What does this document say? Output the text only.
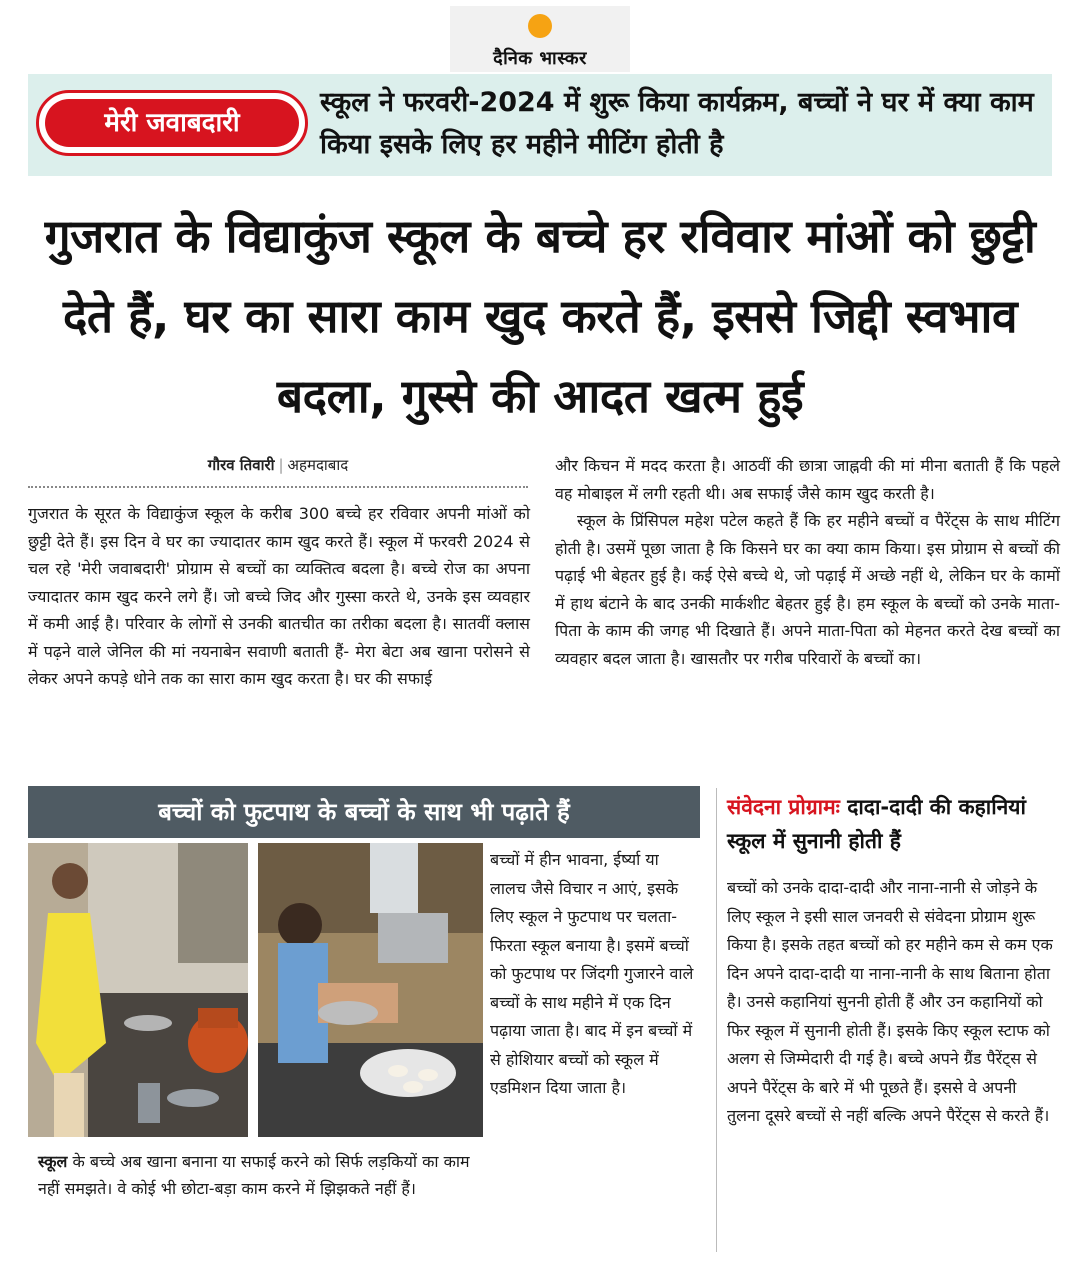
दैनिक भास्कर
मेरी जवाबदारी
स्कूल ने फरवरी-2024 में शुरू किया कार्यक्रम, बच्चों ने घर में क्या काम किया इसके लिए हर महीने मीटिंग होती है
गुजरात के विद्याकुंज स्कूल के बच्चे हर रविवार मांओं को छुट्टी देते हैं, घर का सारा काम खुद करते हैं, इससे जिद्दी स्वभाव बदला, गुस्से की आदत खत्म हुई
गौरव तिवारी | अहमदाबाद

गुजरात के सूरत के विद्याकुंज स्कूल के करीब 300 बच्चे हर रविवार अपनी मांओं को छुट्टी देते हैं। इस दिन वे घर का ज्यादातर काम खुद करते हैं। स्कूल में फरवरी 2024 से चल रहे 'मेरी जवाबदारी' प्रोग्राम से बच्चों का व्यक्तित्व बदला है। बच्चे रोज का अपना ज्यादातर काम खुद करने लगे हैं। जो बच्चे जिद और गुस्सा करते थे, उनके इस व्यवहार में कमी आई है। परिवार के लोगों से उनकी बातचीत का तरीका बदला है। सातवीं क्लास में पढ़ने वाले जेनिल की मां नयनाबेन सवाणी बताती हैं- मेरा बेटा अब खाना परोसने से लेकर अपने कपड़े धोने तक का सारा काम खुद करता है। घर की सफाई

और किचन में मदद करता है। आठवीं की छात्रा जाह्नवी की मां मीना बताती हैं कि पहले वह मोबाइल में लगी रहती थी। अब सफाई जैसे काम खुद करती है।

स्कूल के प्रिंसिपल महेश पटेल कहते हैं कि हर महीने बच्चों व पैरेंट्स के साथ मीटिंग होती है। उसमें पूछा जाता है कि किसने घर का क्या काम किया। इस प्रोग्राम से बच्चों की पढ़ाई भी बेहतर हुई है। कई ऐसे बच्चे थे, जो पढ़ाई में अच्छे नहीं थे, लेकिन घर के कामों में हाथ बंटाने के बाद उनकी मार्कशीट बेहतर हुई है। हम स्कूल के बच्चों को उनके माता-पिता के काम की जगह भी दिखाते हैं। अपने माता-पिता को मेहनत करते देख बच्चों का व्यवहार बदल जाता है। खासतौर पर गरीब परिवारों के बच्चों का।

बच्चों को फुटपाथ के बच्चों के साथ भी पढ़ाते हैं
स्कूल के बच्चे अब खाना बनाना या सफाई करने को सिर्फ लड़कियों का काम नहीं समझते। वे कोई भी छोटा-बड़ा काम करने में झिझकते नहीं हैं।
बच्चों में हीन भावना, ईर्ष्या या लालच जैसे विचार न आएं, इसके लिए स्कूल ने फुटपाथ पर चलता-फिरता स्कूल बनाया है। इसमें बच्चों को फुटपाथ पर जिंदगी गुजारने वाले बच्चों के साथ महीने में एक दिन पढ़ाया जाता है। बाद में इन बच्चों में से होशियार बच्चों को स्कूल में एडमिशन दिया जाता है।
संवेदना प्रोग्रामः दादा-दादी की कहानियां स्कूल में सुनानी होती हैं
बच्चों को उनके दादा-दादी और नाना-नानी से जोड़ने के लिए स्कूल ने इसी साल जनवरी से संवेदना प्रोग्राम शुरू किया है। इसके तहत बच्चों को हर महीने कम से कम एक दिन अपने दादा-दादी या नाना-नानी के साथ बिताना होता है। उनसे कहानियां सुननी होती हैं और उन कहानियों को फिर स्कूल में सुनानी होती हैं। इसके किए स्कूल स्टाफ को अलग से जिम्मेदारी दी गई है। बच्चे अपने ग्रैंड पैरेंट्स से अपने पैरेंट्स के बारे में भी पूछते हैं। इससे वे अपनी तुलना दूसरे बच्चों से नहीं बल्कि अपने पैरेंट्स से करते हैं।
